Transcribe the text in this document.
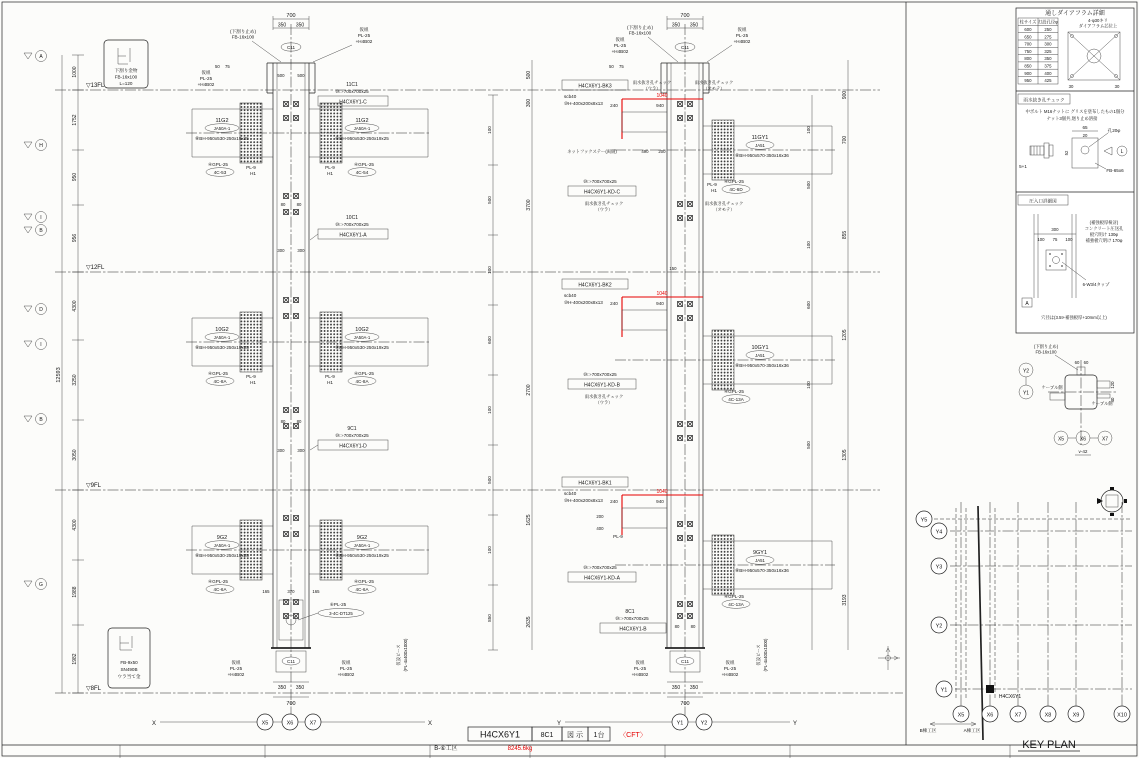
▽13FL
▽12FL
▽9FL
▽8FL
A
H
I
B
D
I
B
G
1000
1752
950
956
4300
3250
3050
4300
1988
1982
12593
下割り金物
FB-16x100
L=120
FB-9x50
SN490B
ウラ当て金
C11
700
350 350
(下割り止め)
FB-16x100
仮組
PL-25
+H4B02
C11
仮組
PL-25
+H4B02
50 75
500	500
80	80
80	80
300	300
300	300
165	370	165
11G2
JA50A-1
⑧BH-950x530-250x19x25
11G2
JA50A-1
⑧BH-950x530-250x19x25
④GPL-25
4C-53
④GPL-25
4C-54
PL-9
H1
PL-9
H1
11C1
⑩□-700x700x25
H4CX6Y1-C
10G2
JA50A-1
⑧BH-950x530-250x19x25
10G2
JA50A-1
⑧BH-950x530-250x19x25
④GPL-25
4C-8A
④GPL-25
4C-8A
PL-9
H1
PL-9
H1
10C1
⑩□-700x700x25
H4CX6Y1-A
9G2
JA50A-1
⑧BH-950x530-250x19x25
9G2
JA50A-1
⑧BH-950x530-250x19x25
④GPL-25
4C-6A
④GPL-25
4C-6A
9C1
⑩□-700x700x25
H4CX6Y1-D
⑥PL-25
3-4C-DT125
仮組
PL-25
+H4B02
仮組
PL-25
+H4B02
350 350
700
X	X
X5	X6	X7
仮設ピース (PL-4x400x1000)
100
500
100
600
100
500
100
850
500
300
3700
2700
1625
2635
C11
700
350 350
(下割り止め)
FB-16x100
仮組
PL-25
+H4B02
仮組
PL-25
+H4B02
C11
50 75
雨水抜き孔チェック
（ウラ）
雨水抜き孔チェック
（オモテ）
80	80
150
H4CX6Y1-BK3
scb40
⑩H-400x200x8x13
1040
940
240
ネットフックステー(両側)	490 200
H4CX6Y1-BK2
scb40
⑩H-400x200x8x13
1040
940
240
H4CX6Y1-BK1
scb40
⑩H-400x200x8x13
1040
940
240
200
400
PL-9
11GY1
JA51
⑧BH-950x570-350x16x36
④GPL-25
4C-6D
PL-9
H1
10GY1
JA51
⑧BH-950x570-350x16x36
④GPL-25
4C-13A
9GY1
JA51
⑧BH-950x570-350x16x36
④GPL-25
4C-13A
⑩□-700x700x25
H4CX6Y1-KD-C
雨水抜き孔チェック
（ウラ）
雨水抜き孔チェック
（オモテ）
⑩□-700x700x25
H4CX6Y1-KD-B
雨水抜き孔チェック
（ウラ）
⑩□-700x700x25
H4CX6Y1-KD-A
8C1
⑩□-700x700x25
H4CX6Y1-B
仮組
PL-25
+H4B02
仮組
PL-25
+H4B02
350 350
700
Y	Y
Y1	Y2
仮設ピース (PL-4x400x1000)
100
500
100
600
100
500
900
700
855
1205
1305
3193
H4CX6Y1	8C1 図 示 1台 〈CFT〉
B-⑥工区	8245.6kg
通しダイアフラム詳細
柱サイズ 打設孔径φ
600	250
650	275
700	300
750	325
800	350
850	375
900	400
950	425
4-φ30キリ
ダイアフラム芯位上
30	30
雨水抜き孔チェック
中ボルト M16ナットに グリスを塗布したもの1個分
ナット3個共,廻り止め溶接
65
20
52
孔20φ
FB-65x6
5+1
L
圧入口詳細図
300
100 75 100
(補強板厚検討)
コンクリート圧送孔
板穴明け 130φ
補強板穴明け 170φ
6-W3/4タップ
A
穴径は(3.5t+補強板厚+10mm以上)
(下割り止め)
FB-16x100
60 60
120
40
ケーブル側
ケーブル側
Y2
Y1
X5	X6	X7
v-42
Y5
Y4
Y3
Y2
Y1
X5	X6	X7	X8	X9	X10
H4CX6Y1
B棟工区	A棟工区
KEY PLAN
